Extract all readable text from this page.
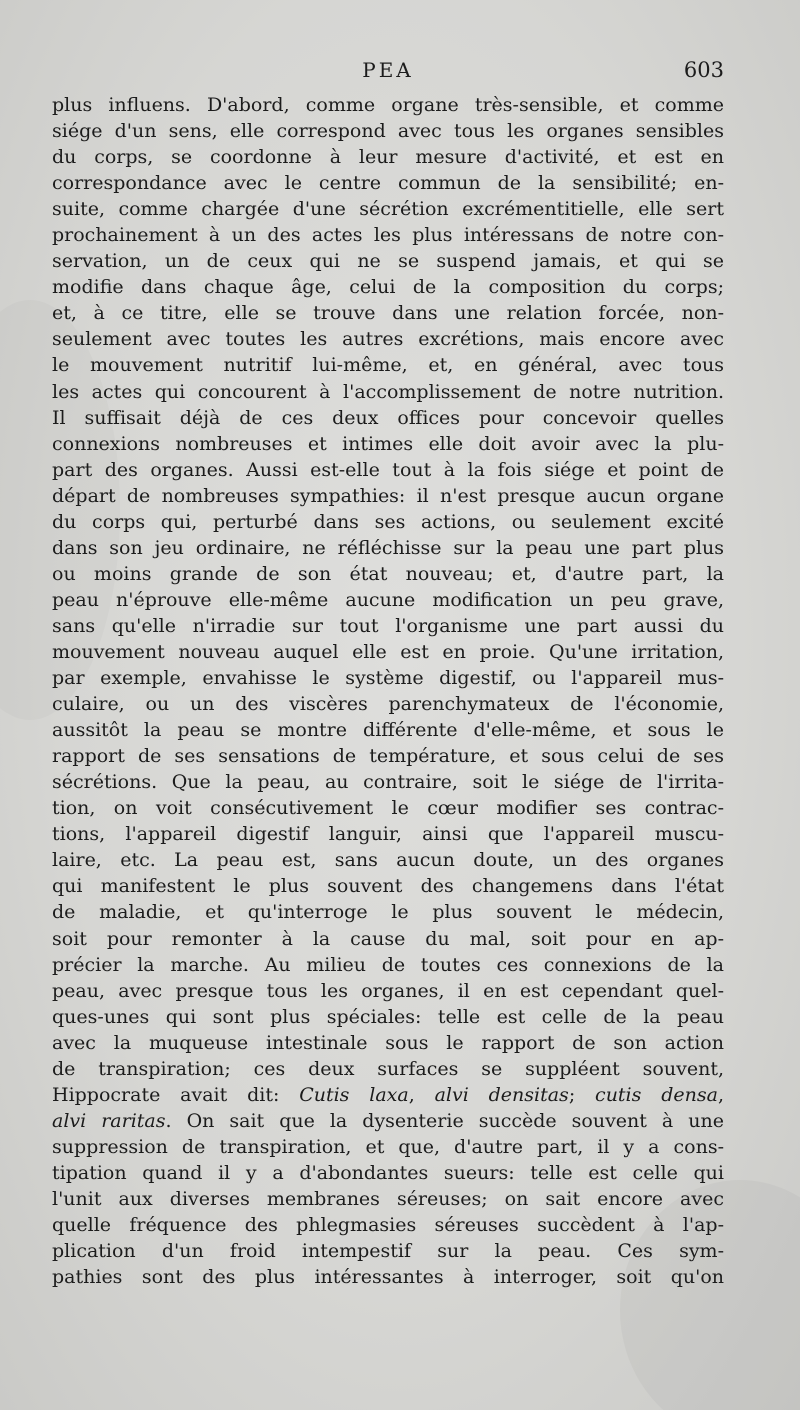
PEA	603
plus influens. D'abord, comme organe très-sensible, et comme
siége d'un sens, elle correspond avec tous les organes sensibles
du corps, se coordonne à leur mesure d'activité, et est en
correspondance avec le centre commun de la sensibilité; en-
suite, comme chargée d'une sécrétion excrémentitielle, elle sert
prochainement à un des actes les plus intéressans de notre con-
servation, un de ceux qui ne se suspend jamais, et qui se
modifie dans chaque âge, celui de la composition du corps;
et, à ce titre, elle se trouve dans une relation forcée, non-
seulement avec toutes les autres excrétions, mais encore avec
le mouvement nutritif lui-même, et, en général, avec tous
les actes qui concourent à l'accomplissement de notre nutrition.
Il suffisait déjà de ces deux offices pour concevoir quelles
connexions nombreuses et intimes elle doit avoir avec la plu-
part des organes. Aussi est-elle tout à la fois siége et point de
départ de nombreuses sympathies: il n'est presque aucun organe
du corps qui, perturbé dans ses actions, ou seulement excité
dans son jeu ordinaire, ne réfléchisse sur la peau une part plus
ou moins grande de son état nouveau; et, d'autre part, la
peau n'éprouve elle-même aucune modification un peu grave,
sans qu'elle n'irradie sur tout l'organisme une part aussi du
mouvement nouveau auquel elle est en proie. Qu'une irritation,
par exemple, envahisse le système digestif, ou l'appareil mus-
culaire, ou un des viscères parenchymateux de l'économie,
aussitôt la peau se montre différente d'elle-même, et sous le
rapport de ses sensations de température, et sous celui de ses
sécrétions. Que la peau, au contraire, soit le siége de l'irrita-
tion, on voit consécutivement le cœur modifier ses contrac-
tions, l'appareil digestif languir, ainsi que l'appareil muscu-
laire, etc. La peau est, sans aucun doute, un des organes
qui manifestent le plus souvent des changemens dans l'état
de maladie, et qu'interroge le plus souvent le médecin,
soit pour remonter à la cause du mal, soit pour en ap-
précier la marche. Au milieu de toutes ces connexions de la
peau, avec presque tous les organes, il en est cependant quel-
ques-unes qui sont plus spéciales: telle est celle de la peau
avec la muqueuse intestinale sous le rapport de son action
de transpiration; ces deux surfaces se suppléent souvent,
Hippocrate avait dit: Cutis laxa, alvi densitas; cutis densa,
alvi raritas. On sait que la dysenterie succède souvent à une
suppression de transpiration, et que, d'autre part, il y a cons-
tipation quand il y a d'abondantes sueurs: telle est celle qui
l'unit aux diverses membranes séreuses; on sait encore avec
quelle fréquence des phlegmasies séreuses succèdent à l'ap-
plication d'un froid intempestif sur la peau. Ces sym-
pathies sont des plus intéressantes à interroger, soit qu'on
